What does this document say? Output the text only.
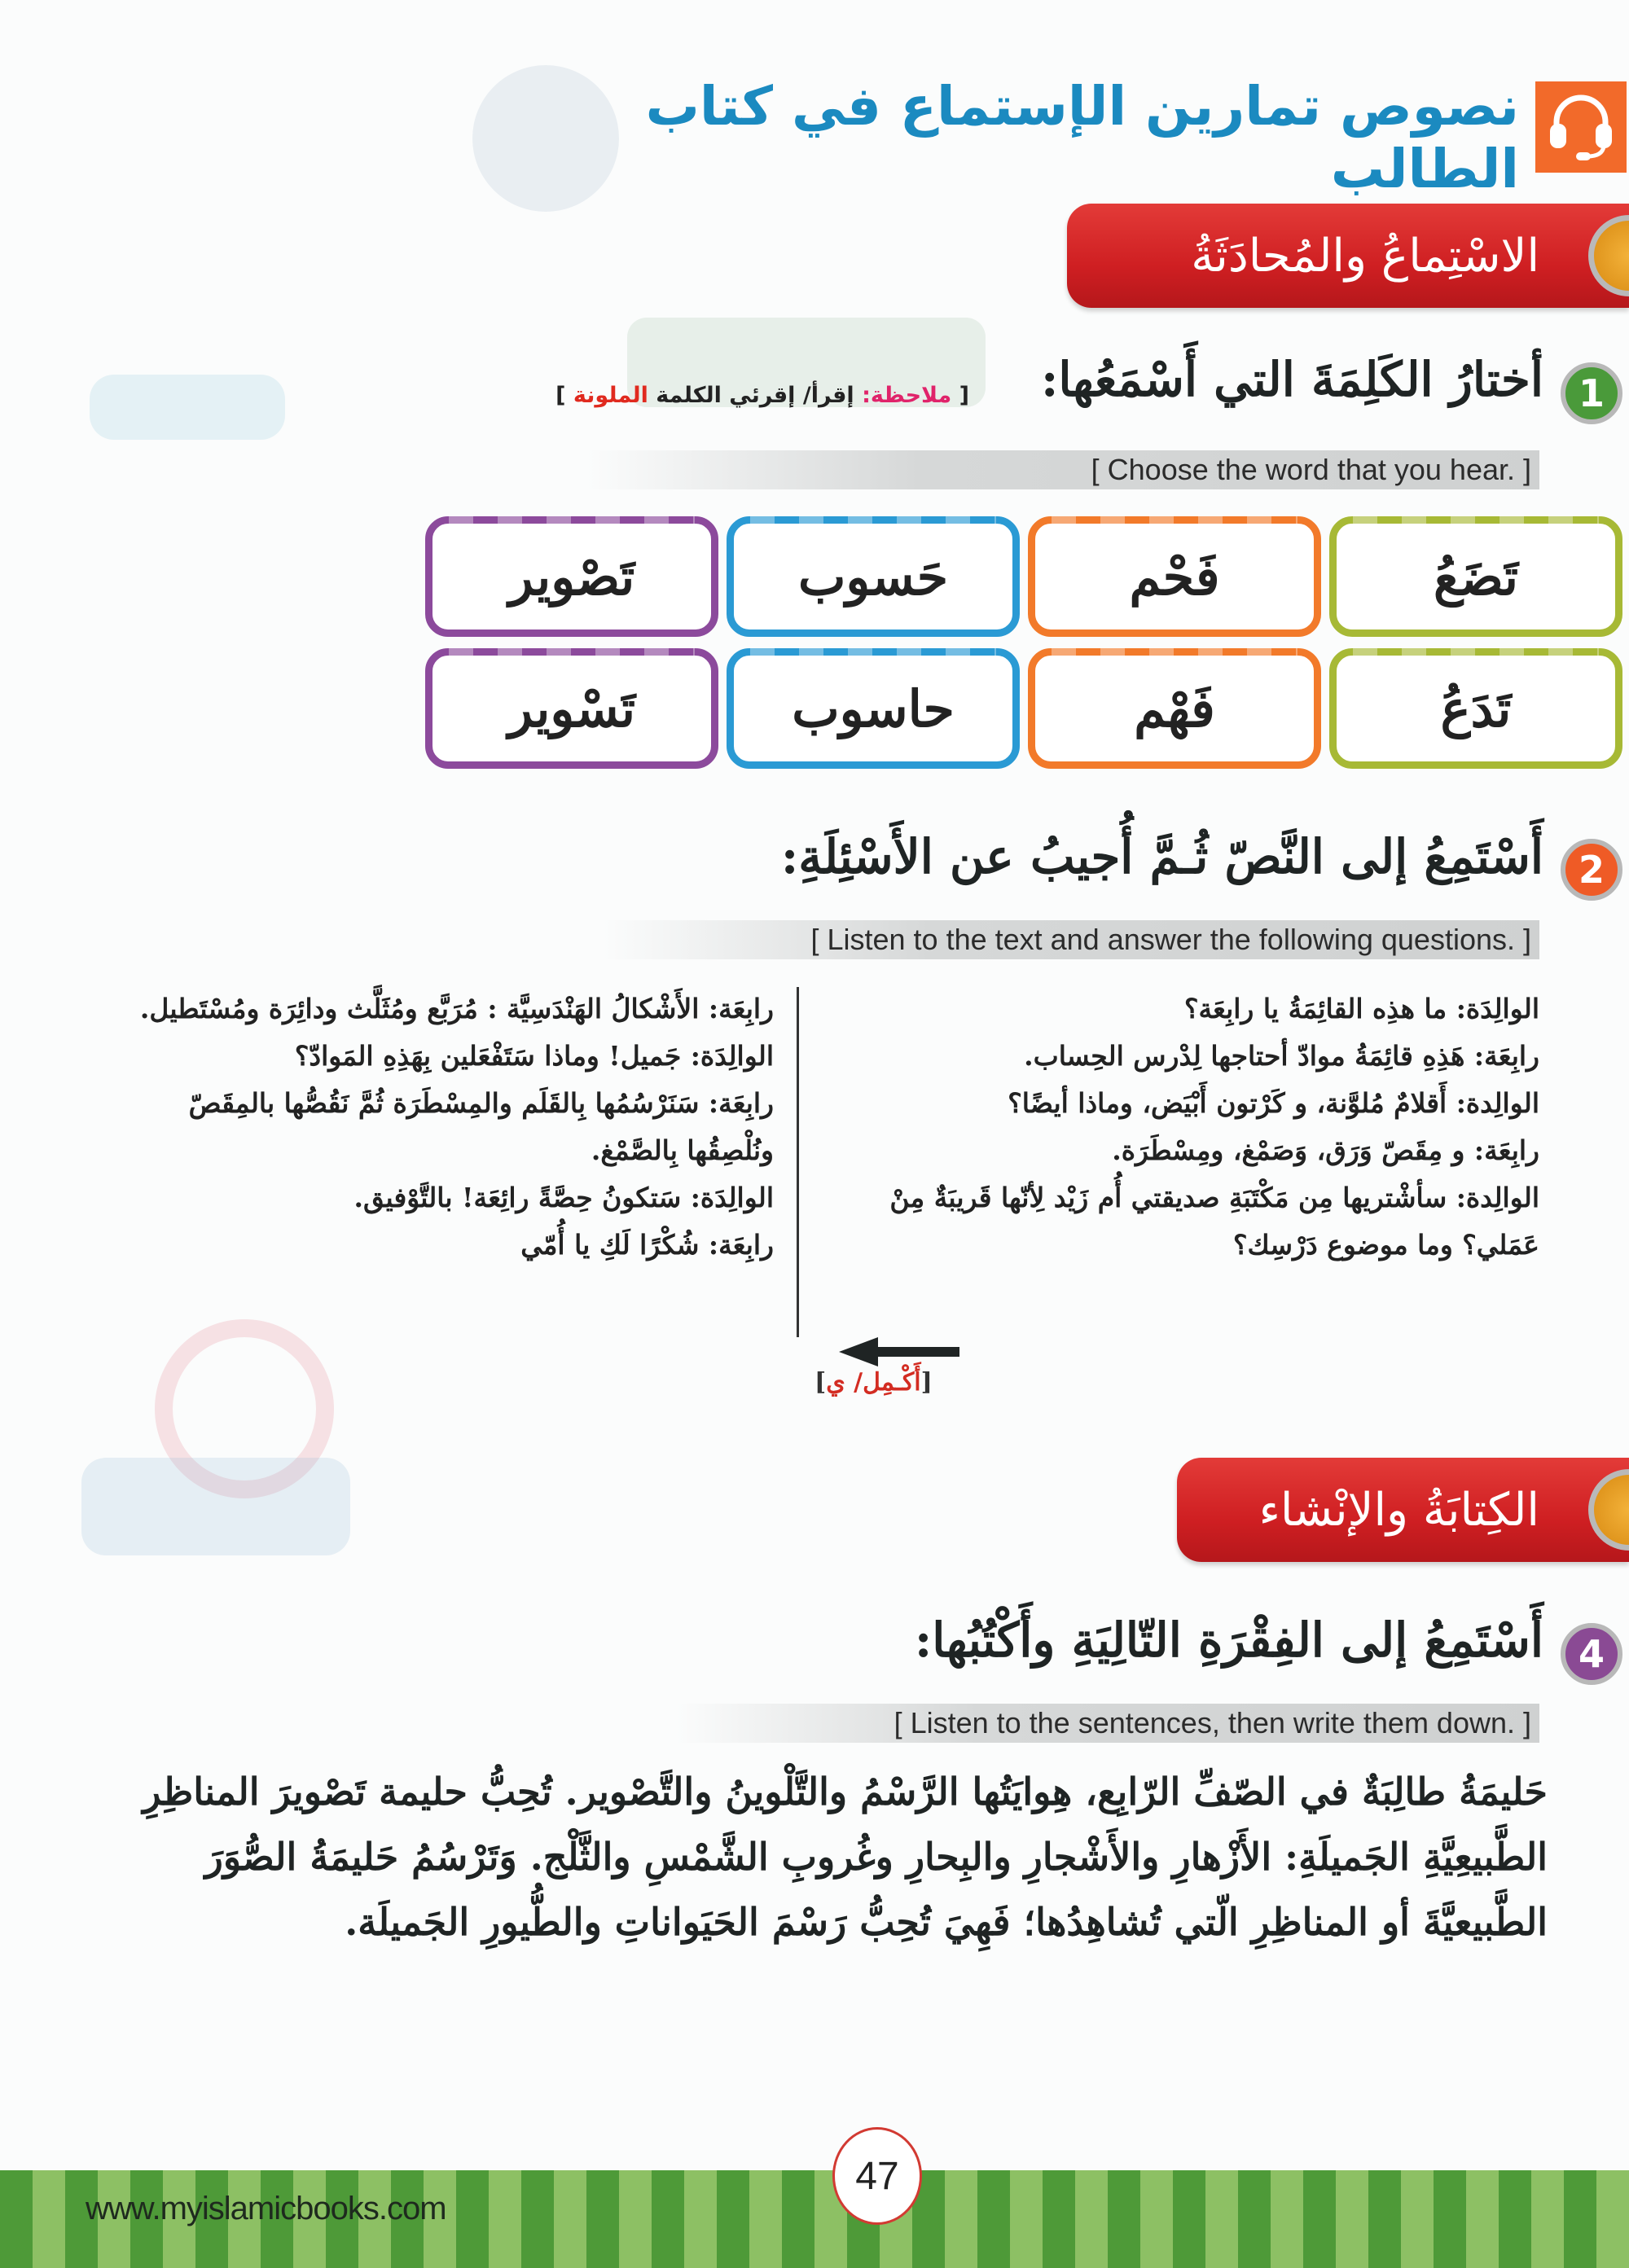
نصوص تمارين الإستماع في كتاب الطالب
الاسْتِماعُ والمُحادَثَةُ
1
أختارُ الكَلِمَةَ التي أَسْمَعُها:
[ ملاحظة: إقرأ/ إقرئي الكلمة الملونة ]
[ Choose the word that you hear. ]
تَضَعُ
تَدَعُ
فَحْم
فَهْم
حَسوب
حاسوب
تَصْوير
تَسْوير
2
أَسْتَمِعُ إلى النَّصّ ثُـمَّ أُجيبُ عن الأَسْئِلَةِ:
[ Listen to the text and answer the following questions. ]

الوالِدَة: ما هذِه القائِمَةُ يا رابِعَة؟

رابِعَة: هَذِهِ قائِمَةُ موادّ أحتاجها لِدْرس الحِساب.

الوالِدة: أَقلامٌ مُلوَّنة، و كَرْتون أَبْيَض، وماذا أيضًا؟

رابِعَة: و مِقَصّ وَرَق، وَصَمْغ، ومِسْطَرَة.

الوالِدة: سأشْتريها مِن مَكْتَبَةِ صديقتي أُم زَيْد لِأنّها قَريبَةٌ مِنْ

عَمَلي؟ وما موضوع دَرْسِك؟

رابِعَة: الأَشْكالُ الهَنْدَسِيَّة : مُرَبَّع ومُثَلَّث ودائِرَة ومُسْتَطيل.

الوالِدَة: جَميل! وماذا سَتَفْعَلين بِهَذِهِ المَوادّ؟

رابِعَة: سَنَرْسُمُها بِالقَلَم والمِسْطَرَة ثُمَّ نَقُصُّها بالمِقَصّ

ونُلْصِقُها بِالصَّمْغ.

الوالِدَة: سَتكونُ حِصَّةً رائِعَة! بالتَّوْفيق.

رابِعَة: شُكْرًا لَكِ يا أُمّي

[أَكْـمِل/ ي]
الكِتابَةُ والإنْشاء
4
أَسْتَمِعُ إلى الفِقْرَةِ التّالِيَةِ وأَكْتُبُها:
[ Listen to the sentences, then write them down. ]
حَليمَةُ طالِبَةٌ في الصّفِّ الرّابِع، هِوايَتُها الرَّسْمُ والتَّلْوينُ والتَّصْوير. تُحِبُّ حليمة تَصْويرَ المناظِرِ
الطَّبيعِيَّةِ الجَميلَةِ: الأَزْهارِ والأَشْجارِ والبِحارِ وغُروبِ الشَّمْسِ والثَّلْج. وَتَرْسُمُ حَليمَةُ الصُّوَرَ
الطَّبيعيَّةَ أو المناظِرِ الّتي تُشاهِدُها؛ فَهِيَ تُحِبُّ رَسْمَ الحَيَواناتِ والطُّيورِ الجَميلَة.
www.myislamicbooks.com
47
